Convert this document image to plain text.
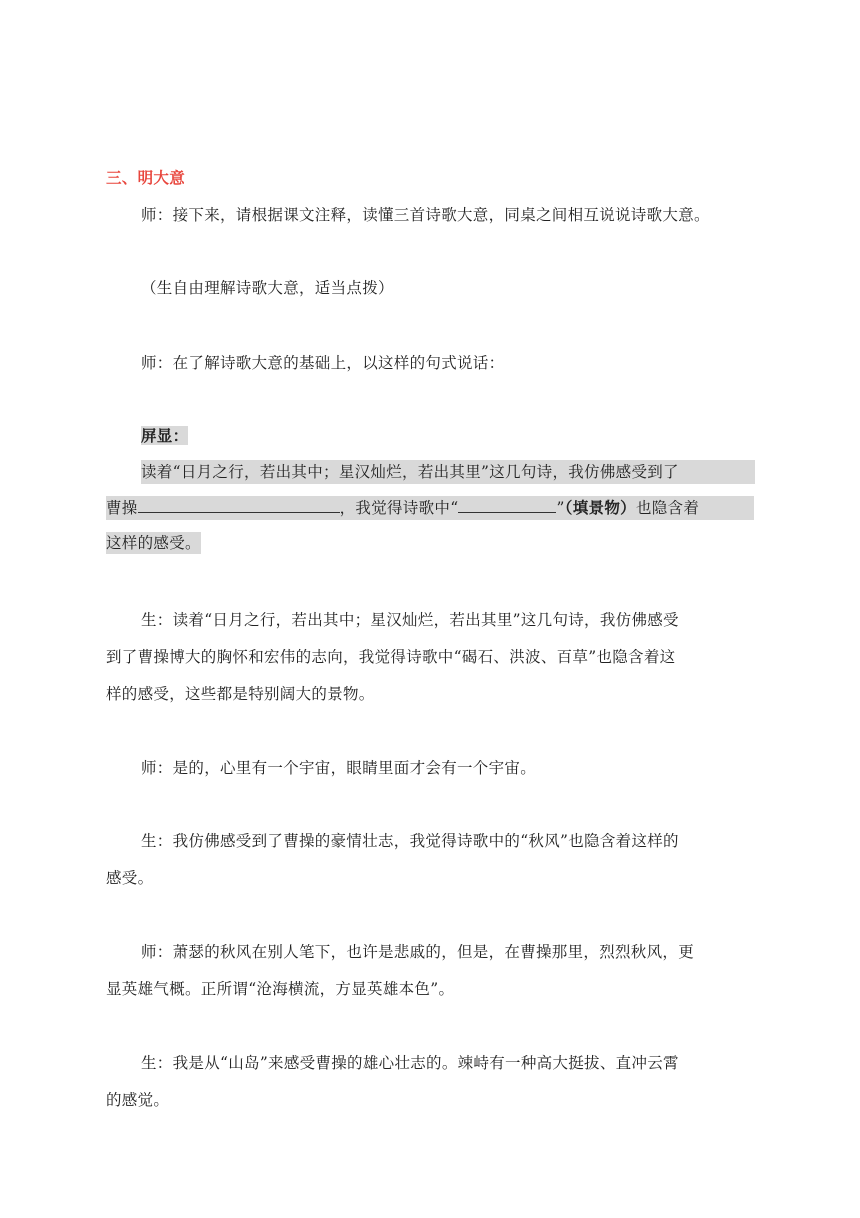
三、明大意
师：接下来，请根据课文注释，读懂三首诗歌大意，同桌之间相互说说诗歌大意。
（生自由理解诗歌大意，适当点拨）
师：在了解诗歌大意的基础上，以这样的句式说话：
屏显：
读着“日月之行，若出其中；星汉灿烂，若出其里”这几句诗，我仿佛感受到了
曹操	，我觉得诗歌中“	”（填景物）也隐含着
这样的感受。
生：读着“日月之行，若出其中；星汉灿烂，若出其里”这几句诗，我仿佛感受
到了曹操博大的胸怀和宏伟的志向，我觉得诗歌中“碣石、洪波、百草”也隐含着这
样的感受，这些都是特别阔大的景物。
师：是的，心里有一个宇宙，眼睛里面才会有一个宇宙。
生：我仿佛感受到了曹操的豪情壮志，我觉得诗歌中的“秋风”也隐含着这样的
感受。
师：萧瑟的秋风在别人笔下，也许是悲戚的，但是，在曹操那里，烈烈秋风，更
显英雄气概。正所谓“沧海横流，方显英雄本色”。
生：我是从“山岛”来感受曹操的雄心壮志的。竦峙有一种高大挺拔、直冲云霄
的感觉。
